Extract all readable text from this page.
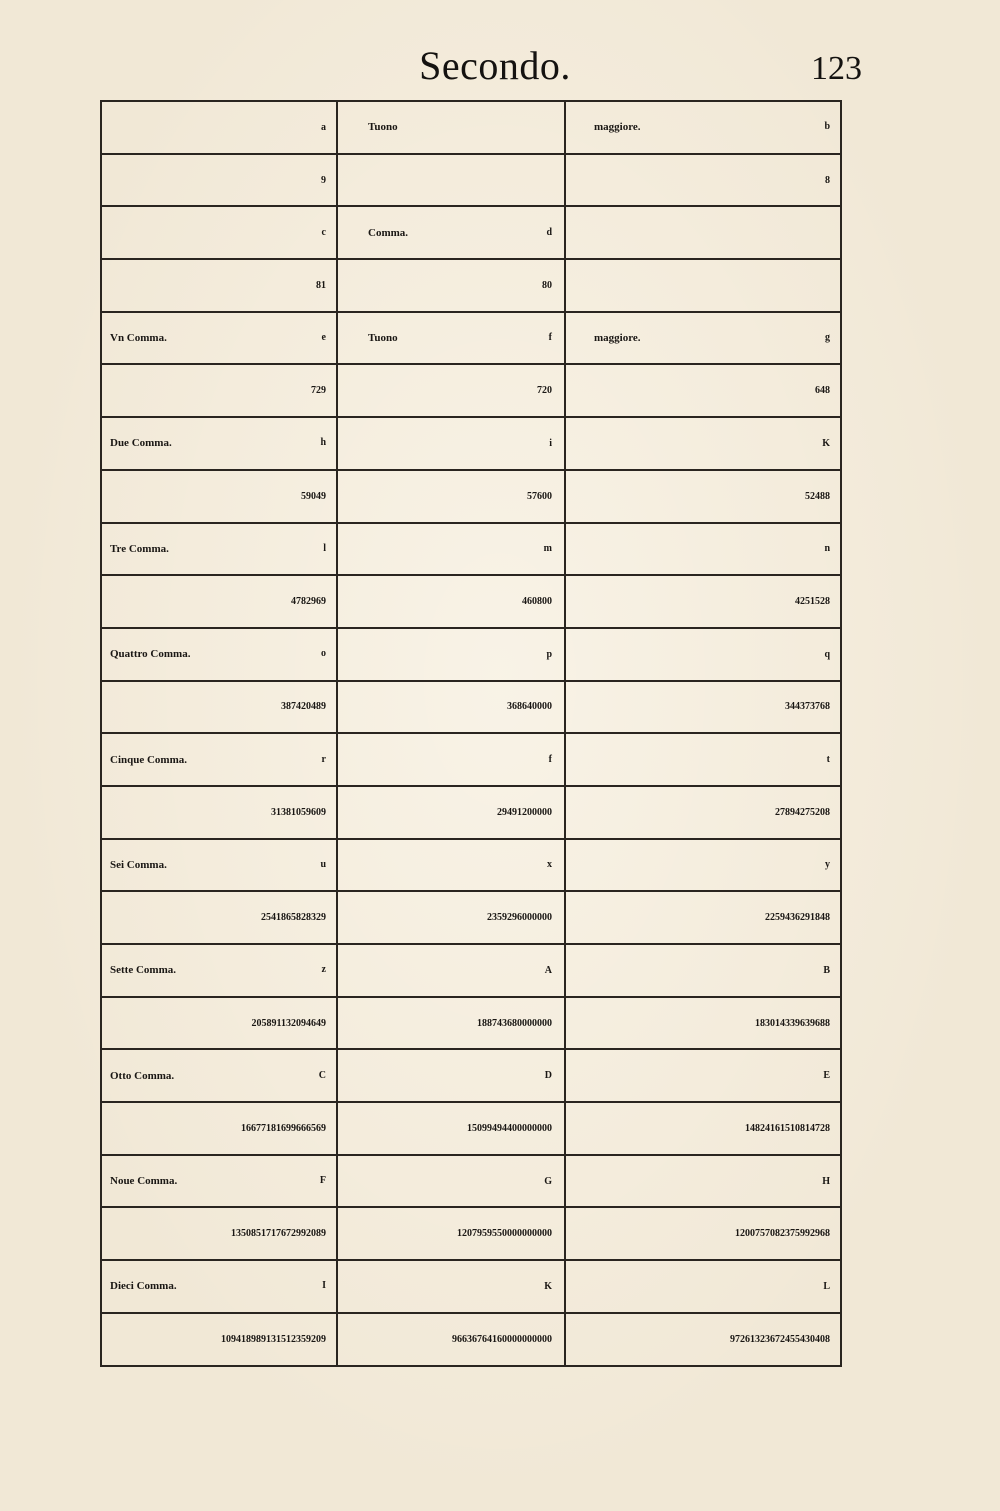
Secondo.	123
a	Tuono	maggiore. b

9		8

c	Comma. d	

81	80	

Vn Comma. e	Tuono f	maggiore. g

729	720	648

Due Comma. h	i	K

59049	57600	52488

Tre Comma. l	m	n

4782969	460800	4251528

Quattro Comma. o	p	q

387420489	368640000	344373768

Cinque Comma. r	f	t

31381059609	29491200000	27894275208

Sei Comma. u	x	y

2541865828329	2359296000000	2259436291848

Sette Comma. z	A	B

205891132094649	188743680000000	183014339639688

Otto Comma. C	D	E

16677181699666569	15099494400000000	14824161510814728

Noue Comma. F	G	H

1350851717672992089	1207959550000000000	1200757082375992968

Dieci Comma. I	K	L

109418989131512359209	96636764160000000000	97261323672455430408
